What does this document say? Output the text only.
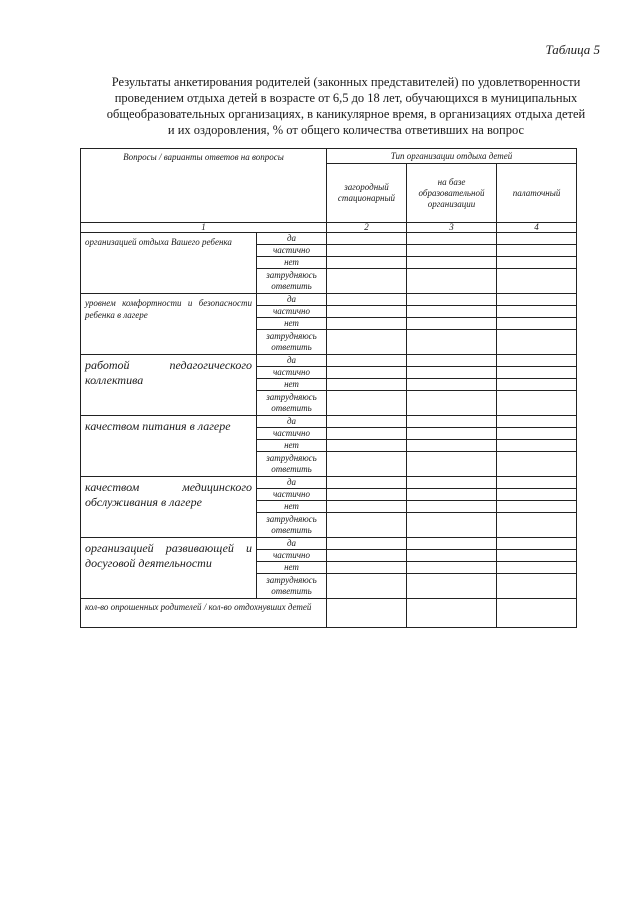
Таблица 5
Результаты анкетирования родителей (законных представителей) по удовлетворенности
проведением отдыха детей в возрасте от 6,5 до 18 лет, обучающихся в муниципальных
общеобразовательных организациях, в каникулярное время, в организациях отдыха детей
и их оздоровления, % от общего количества ответивших на вопрос
Вопросы / варианты ответов на вопросы		Тип организации отдыха детей		
		загородный стационарный	на базе образовательной организации	палаточный
1		2	3	4
организацией отдыха Вашего ребенка	да			
	частично			
	нет			
	затрудняюсь ответить			
уровнем комфортности и безопасности ребенка в лагере	да			
	частично			
	нет			
	затрудняюсь ответить			
работой педагогического коллектива	да			
	частично			
	нет			
	затрудняюсь ответить			
качеством питания в лагере	да			
	частично			
	нет			
	затрудняюсь ответить			
качеством медицинского обслуживания в лагере	да			
	частично			
	нет			
	затрудняюсь ответить			
организацией развивающей и досуговой деятельности	да			
	частично			
	нет			
	затрудняюсь ответить			
кол-во опрошенных родителей / кол-во отдохнувших детей				
